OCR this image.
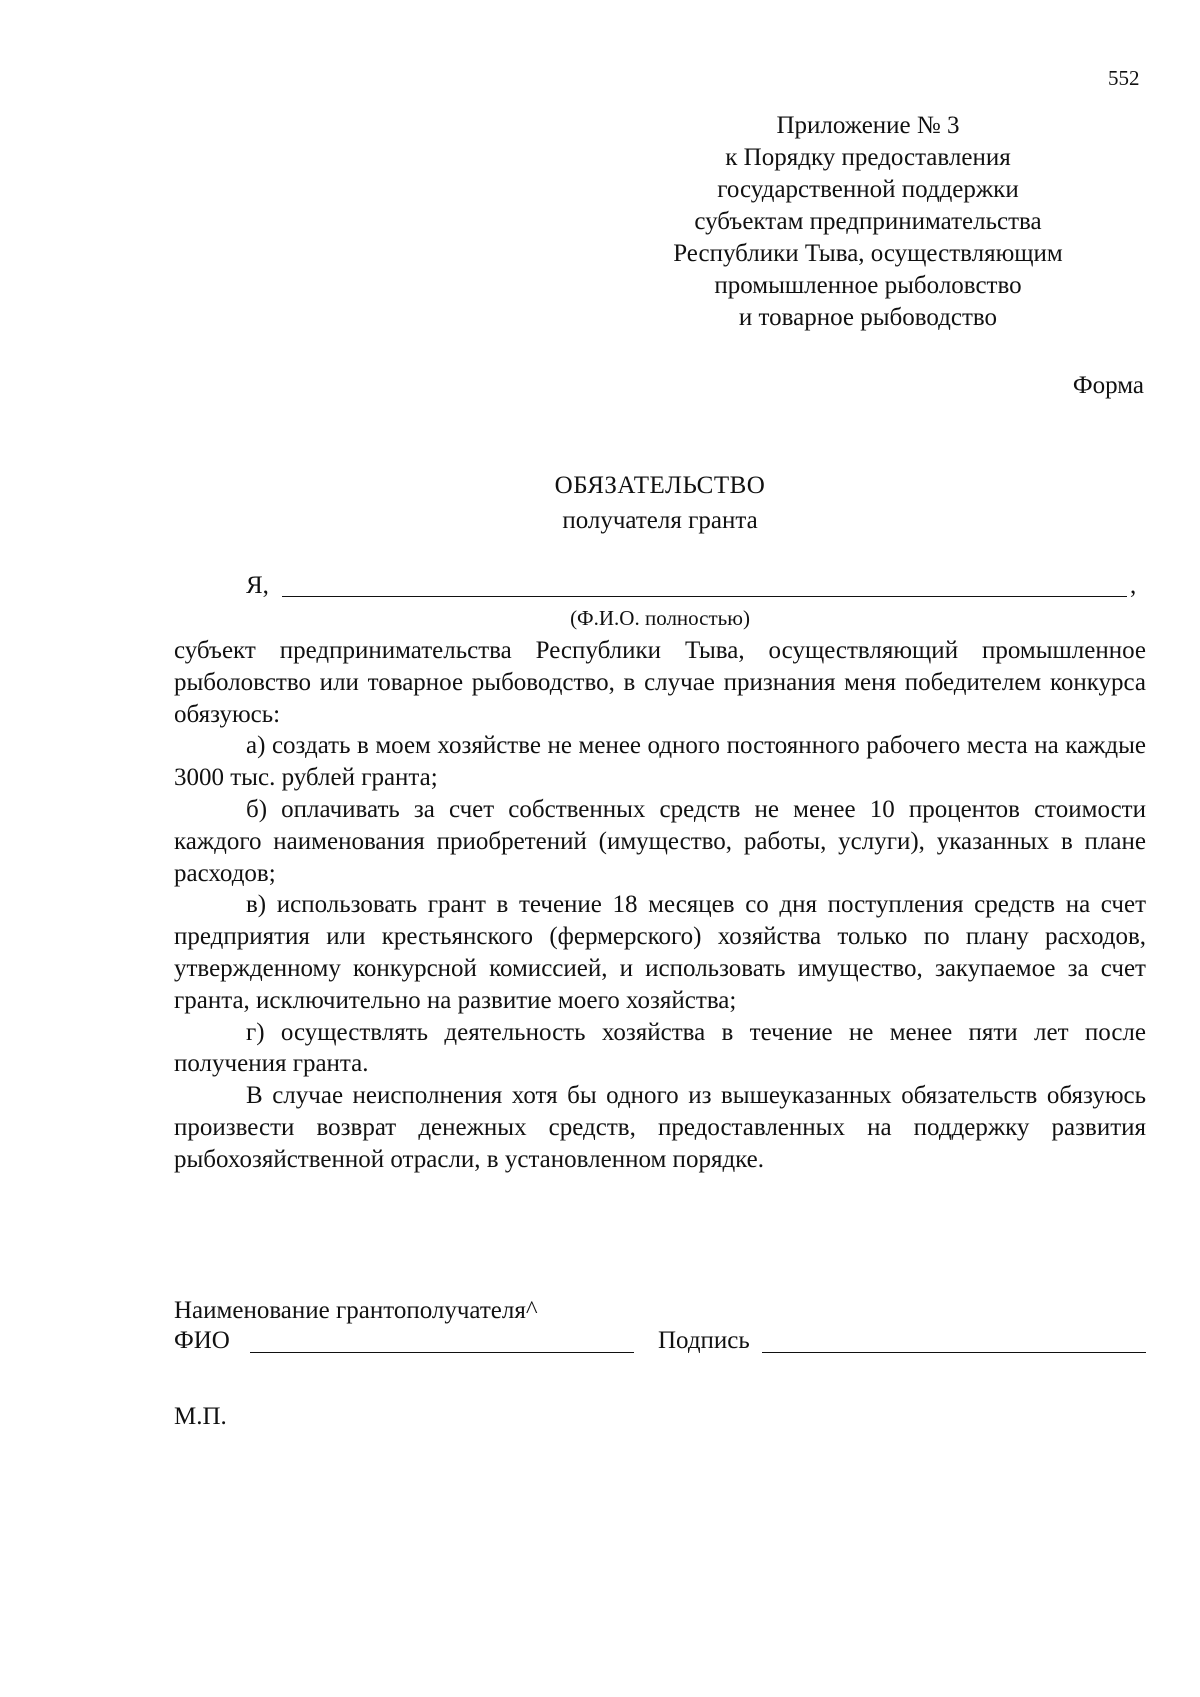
552
Приложение № 3
к Порядку предоставления
государственной поддержки
субъектам предпринимательства
Республики Тыва, осуществляющим
промышленное рыболовство
и товарное рыбоводство
Форма
ОБЯЗАТЕЛЬСТВО
получателя гранта
Я,	,
(Ф.И.О. полностью)

субъект предпринимательства Республики Тыва, осуществляющий промышленное рыболовство или товарное рыбоводство, в случае признания меня победителем конкурса обязуюсь:

а) создать в моем хозяйстве не менее одного постоянного рабочего места на каждые 3000 тыс. рублей гранта;

б) оплачивать за счет собственных средств не менее 10 процентов стоимости каждого наименования приобретений (имущество, работы, услуги), указанных в плане расходов;

в) использовать грант в течение 18 месяцев со дня поступления средств на счет предприятия или крестьянского (фермерского) хозяйства только по плану расходов, утвержденному конкурсной комиссией, и использовать имущество, закупаемое за счет гранта, исключительно на развитие моего хозяйства;

г) осуществлять деятельность хозяйства в течение не менее пяти лет после получения гранта.

В случае неисполнения хотя бы одного из вышеуказанных обязательств обязуюсь произвести возврат денежных средств, предоставленных на поддержку развития рыбохозяйственной отрасли, в установленном порядке.

Наименование грантополучателя^
ФИО	Подпись
М.П.
